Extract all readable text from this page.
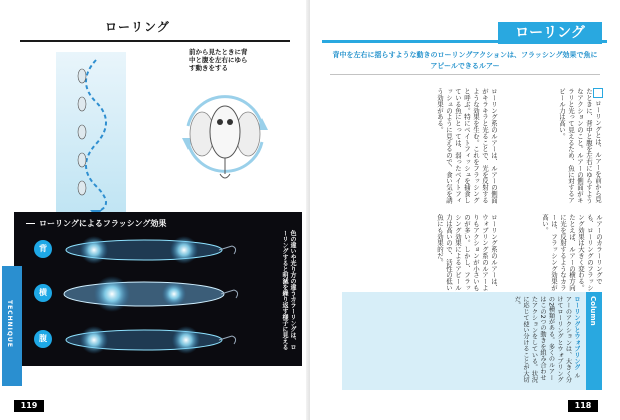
ローリング
前から見たときに背中と腹を左右にゆらす動きをする
ローリングによるフラッシング効果
背
横
腹	色の違いや光り方の違うカラーリングは、ローリングすると明滅を繰り返す様子に見える
TECHNIQUE
119
ローリング
背中を左右に揺らすような動きのローリングアクションは、フラッシング効果で魚にアピールできるルアー
ローリングとは、ルアーを前から見たときに、背中と腹を左右にゆらすようなアクションのこと。ルアーの側面がキラリと光って見えるため、魚に対するアピール力は高い。
ローリング系のルアーは、ルアーの側面がキラキラと光ることで、光を反射するような効果を生む。これをフラッシングと呼ぶ。特にベイトフィッシュを捕食している魚にとっては、弱ったベイトフィッシュのように見えるので、食い気を誘う効果がある。
ルアーのカラーリングでも、ローリングのフラッシング効果は大きく変わる。たとえば、ルアーの横方向に光を反射するようなカラーは、フラッシング効果が高い。
ローリング系のルアーは、ウォブリング系のルアーよりもアクションが小さいものが多い。しかし、フラッシング効果によるアピール力は高いので、活性の低い魚にも効果的だ。
Column
ローリングとウォブリング ルアーのアクションは、大きく分けてローリングとウォブリングの2種類がある。多くのルアーはこの2つの動きを組み合わせたアクションをしている。状況に応じて使い分けることが大切だ。
118
